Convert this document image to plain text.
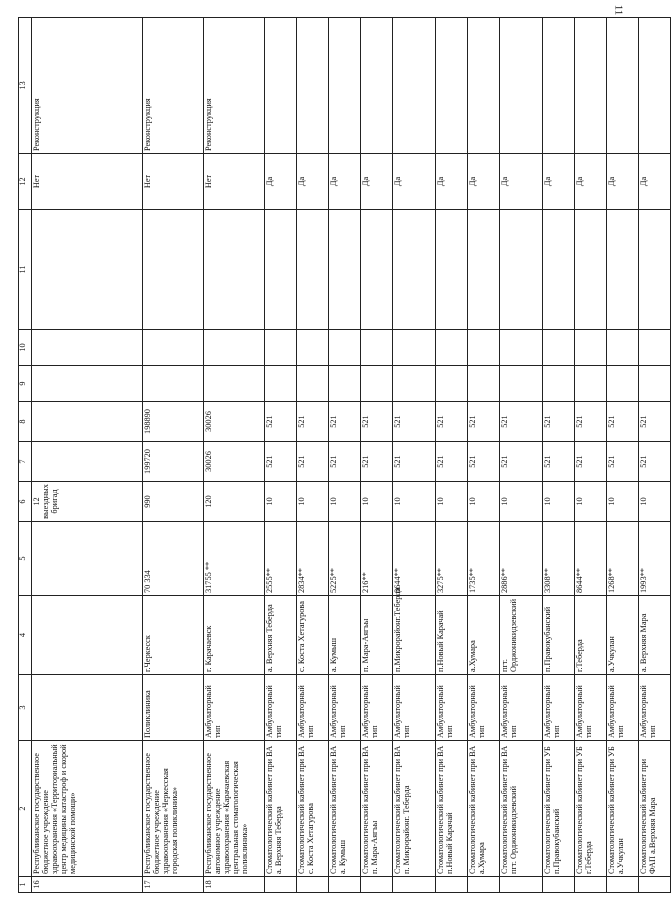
11
1	2	3	4	5	6	7	8	9	10	11	12	13
16	Республиканское государственное бюджетное учреждение здравоохранения «Территориальный центр медицины катастроф и скорой медицинской помощи»				12 выездных бригад						Нет	Реконструкция
17	Республиканское государственное бюджетное учреждение здравоохранения «Черкесская городская поликлиника»	Поликлиника	г.Черкесск	70 334	990	199720	198890				Нет	Реконструкция
18	Республиканское государственное автономное учреждение здравоохранения «Карачаевская центральная стоматологическая поликлиника»	Амбулаторный тип	г. Карачаевск	31755 **	120	30026	30026				Нет	Реконструкция
	Стоматологический кабинет при ВА а. Верхняя Теберда	Амбулаторный тип	а. Верхняя Теберда	2555**	10	521	521				Да	
	Стоматологический кабинет при ВА с. Коста Хетагурова	Амбулаторный тип	с. Коста Хетагурова	2834**	10	521	521				Да	
	Стоматологический кабинет при ВА а. Кумыш	Амбулаторный тип	а. Кумыш	5225**	10	521	521				Да	
	Стоматологический кабинет при ВА п. Мара-Аягъы	Амбулаторный тип	п. Мара-Аягъы	216**	10	521	521				Да	
	Стоматологический кабинет при ВА п. Микрорайонг. Теберда	Амбулаторный тип	п.Микрорайонг.Теберда	8644**	10	521	521				Да	
	Стоматологический кабинет при ВА п.Новый Карачай	Амбулаторный тип	п.Новый Карачай	3275**	10	521	521				Да	
	Стоматологический кабинет при ВА а.Хумара	Амбулаторный тип	а.Хумара	1735**	10	521	521				Да	
	Стоматологический кабинет при ВА пгт. Орджоникидзевский	Амбулаторный тип	пгт. Орджоникидзевский	2886**	10	521	521				Да	
	Стоматологический кабинет при УБ п.Правокубанский	Амбулаторный тип	п.Правокубанский	3308**	10	521	521				Да	
	Стоматологический кабинет при УБ г.Теберда	Амбулаторный тип	г.Теберда	8644**	10	521	521				Да	
	Стоматологический кабинет при УБ а.Учкулан	Амбулаторный тип	а.Учкулан	1268**	10	521	521				Да	
	Стоматологический кабинет при ФАП а.Верхняя Мара	Амбулаторный тип	а. Верхняя Мара	1993**	10	521	521				Да	
